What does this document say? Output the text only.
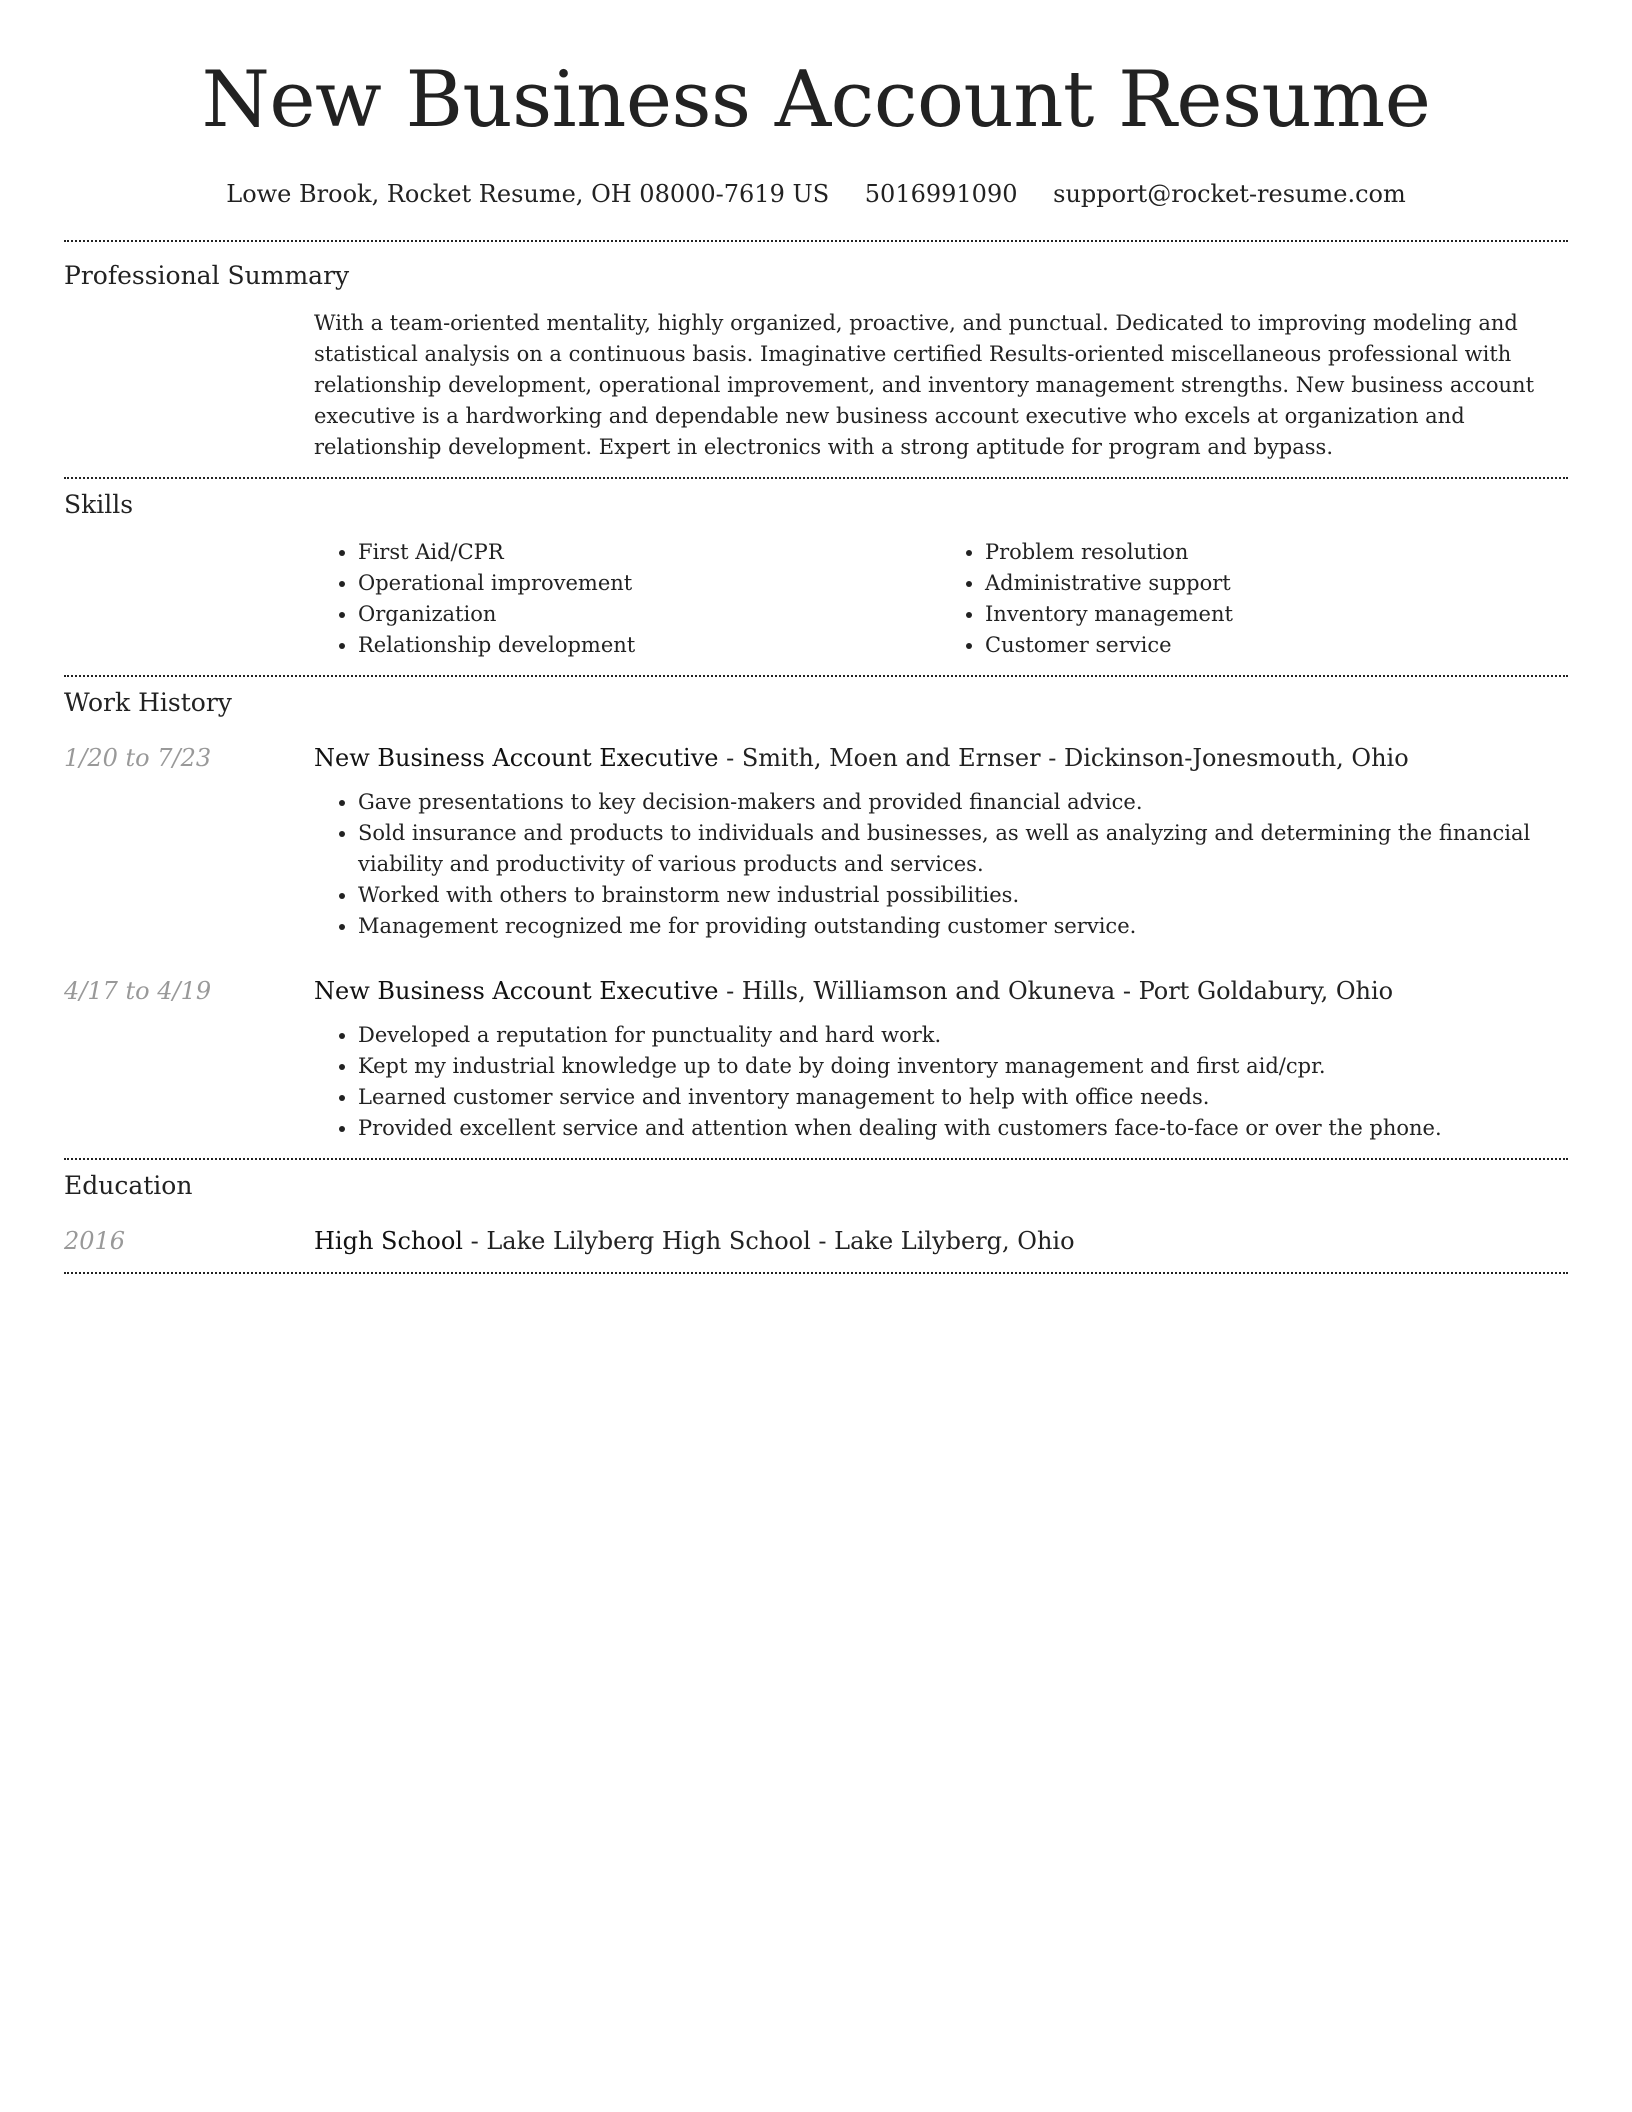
New Business Account Resume
Lowe Brook, Rocket Resume, OH 08000-7619 US 5016991090 support@rocket-resume.com
Professional Summary

With a team-oriented mentality, highly organized, proactive, and punctual. Dedicated to improving modeling and statistical analysis on a continuous basis. Imaginative certified Results-oriented miscellaneous professional with relationship development, operational improvement, and inventory management strengths. New business account executive is a hardworking and dependable new business account executive who excels at organization and relationship development. Expert in electronics with a strong aptitude for program and bypass.

Skills
• First Aid/CPR
• Operational improvement
• Organization
• Relationship development
• Problem resolution
• Administrative support
• Inventory management
• Customer service
Work History
1/20 to 7/23	New Business Account Executive - Smith, Moen and Ernser - Dickinson-Jonesmouth, Ohio

• Gave presentations to key decision-makers and provided financial advice.
• Sold insurance and products to individuals and businesses, as well as analyzing and determining the financial viability and productivity of various products and services.
• Worked with others to brainstorm new industrial possibilities.
• Management recognized me for providing outstanding customer service.
4/17 to 4/19	New Business Account Executive - Hills, Williamson and Okuneva - Port Goldabury, Ohio

• Developed a reputation for punctuality and hard work.
• Kept my industrial knowledge up to date by doing inventory management and first aid/cpr.
• Learned customer service and inventory management to help with office needs.
• Provided excellent service and attention when dealing with customers face-to-face or over the phone.
Education
2016	High School - Lake Lilyberg High School - Lake Lilyberg, Ohio
